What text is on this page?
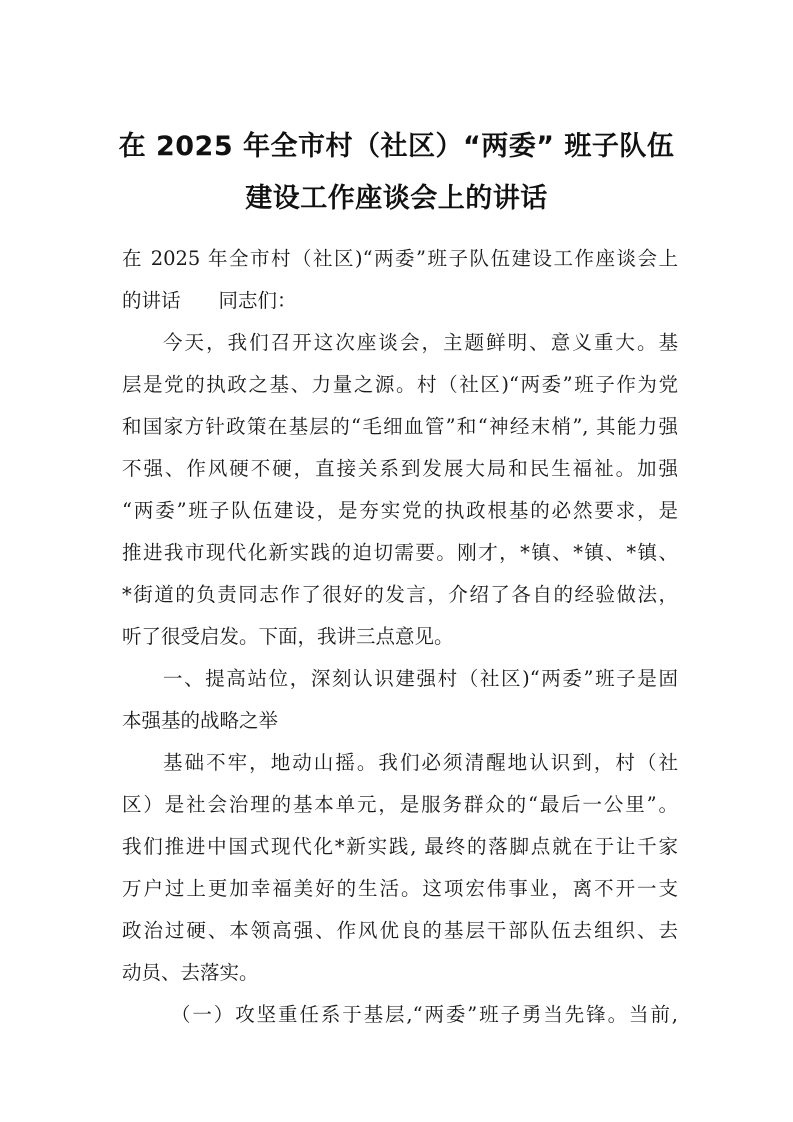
在 2025 年全市村（社区）“两委” 班子队伍
建设工作座谈会上的讲话
在 2025 年全市村（社区)“两委”班子队伍建设工作座谈会上
的讲话 同志们：
今天，我们召开这次座谈会，主题鲜明、意义重大。基
层是党的执政之基、力量之源。村（社区)“两委”班子作为党
和国家方针政策在基层的“毛细血管”和“神经末梢”, 其能力强
不强、作风硬不硬，直接关系到发展大局和民生福祉。加强
“两委”班子队伍建设，是夯实党的执政根基的必然要求，是
推进我市现代化新实践的迫切需要。刚才，*镇、*镇、*镇、
*街道的负责同志作了很好的发言，介绍了各自的经验做法，
听了很受启发。下面，我讲三点意见。
一、提高站位，深刻认识建强村（社区)“两委”班子是固
本强基的战略之举
基础不牢，地动山摇。我们必须清醒地认识到，村（社
区）是社会治理的基本单元，是服务群众的“最后一公里”。
我们推进中国式现代化*新实践, 最终的落脚点就在于让千家
万户过上更加幸福美好的生活。这项宏伟事业，离不开一支
政治过硬、本领高强、作风优良的基层干部队伍去组织、去
动员、去落实。
（一）攻坚重任系于基层,“两委”班子勇当先锋。当前,
